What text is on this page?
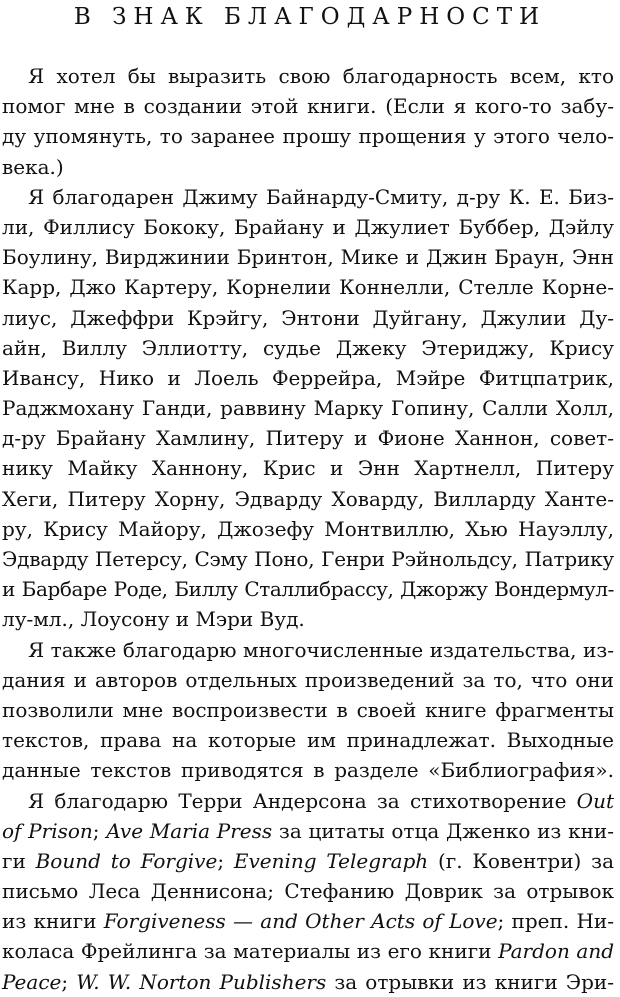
В ЗНАК БЛАГОДАРНОСТИ
Я хотел бы выразить свою благодарность всем, кто
помог мне в создании этой книги. (Если я кого-то забу-
ду упомянуть, то заранее прошу прощения у этого чело-
века.)
Я благодарен Джиму Байнарду-Смиту, д-ру К. Е. Биз-
ли, Филлису Бококу, Брайану и Джулиет Буббер, Дэйлу
Боулину, Вирджинии Бринтон, Мике и Джин Браун, Энн
Карр, Джо Картеру, Корнелии Коннелли, Стелле Корне-
лиус, Джеффри Крэйгу, Энтони Дуйгану, Джулии Ду-
айн, Виллу Эллиотту, судье Джеку Этериджу, Крису
Ивансу, Нико и Лоель Феррейра, Мэйре Фитцпатрик,
Раджмохану Ганди, раввину Марку Гопину, Салли Холл,
д-ру Брайану Хамлину, Питеру и Фионе Ханнон, совет-
нику Майку Ханнону, Крис и Энн Хартнелл, Питеру
Хеги, Питеру Хорну, Эдварду Ховарду, Вилларду Ханте-
ру, Крису Майору, Джозефу Монтвиллю, Хью Науэллу,
Эдварду Петерсу, Сэму Поно, Генри Рэйнольдсу, Патрику
и Барбаре Роде, Биллу Сталлибрассу, Джоржу Вондермул-
лу-мл., Лоусону и Мэри Вуд.
Я также благодарю многочисленные издательства, из-
дания и авторов отдельных произведений за то, что они
позволили мне воспроизвести в своей книге фрагменты
текстов, права на которые им принадлежат. Выходные
данные текстов приводятся в разделе «Библиография».
Я благодарю Терри Андерсона за стихотворение Out
of Prison; Ave Maria Press за цитаты отца Дженко из кни-
ги Bound to Forgive; Evening Telegraph (г. Ковентри) за
письмо Леса Деннисона; Стефанию Доврик за отрывок
из книги Forgiveness — and Other Acts of Love; преп. Ни-
коласа Фрейлинга за материалы из его книги Pardon and
Peace; W. W. Norton Publishers за отрывки из книги Эри-
